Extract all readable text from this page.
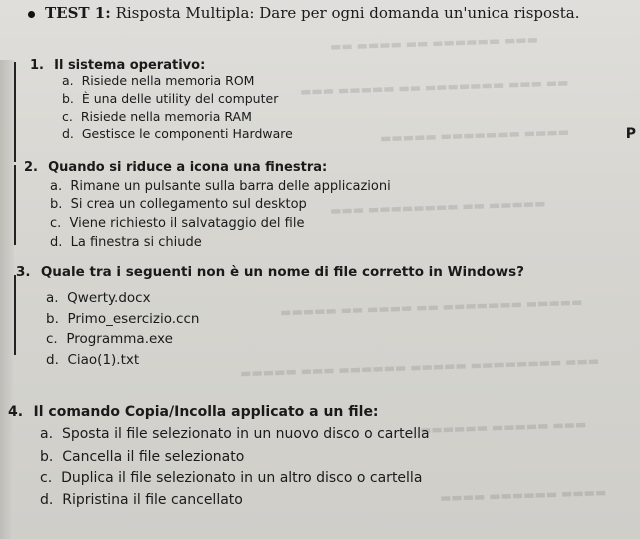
▬▬ ▬▬▬▬ ▬▬ ▬▬▬▬▬▬ ▬▬▬
▬▬▬ ▬▬▬▬▬ ▬▬ ▬▬▬▬▬▬▬ ▬▬▬ ▬▬
▬▬▬▬▬ ▬▬▬▬▬▬▬ ▬▬▬▬
▬▬▬ ▬▬▬▬▬▬▬▬ ▬▬ ▬▬▬▬▬
▬▬▬▬▬ ▬▬ ▬▬▬▬ ▬▬ ▬▬▬▬▬▬▬ ▬▬▬▬▬
▬▬▬▬▬ ▬▬▬ ▬▬▬▬▬▬ ▬▬▬▬▬ ▬▬▬▬▬▬▬▬ ▬▬▬
▬▬▬▬▬▬ ▬▬▬▬▬ ▬▬▬
▬▬▬▬ ▬▬▬▬▬▬ ▬▬▬▬
P
TEST 1: Risposta Multipla: Dare per ogni domanda un'unica risposta.
1. Il sistema operativo:
a. Risiede nella memoria ROM
b. È una delle utility del computer
c. Risiede nella memoria RAM
d. Gestisce le componenti Hardware
2. Quando si riduce a icona una finestra:
a. Rimane un pulsante sulla barra delle applicazioni
b. Si crea un collegamento sul desktop
c. Viene richiesto il salvataggio del file
d. La finestra si chiude
3. Quale tra i seguenti non è un nome di file corretto in Windows?
a. Qwerty.docx
b. Primo_esercizio.ccn
c. Programma.exe
d. Ciao(1).txt
4. Il comando Copia/Incolla applicato a un file:
a. Sposta il file selezionato in un nuovo disco o cartella
b. Cancella il file selezionato
c. Duplica il file selezionato in un altro disco o cartella
d. Ripristina il file cancellato
